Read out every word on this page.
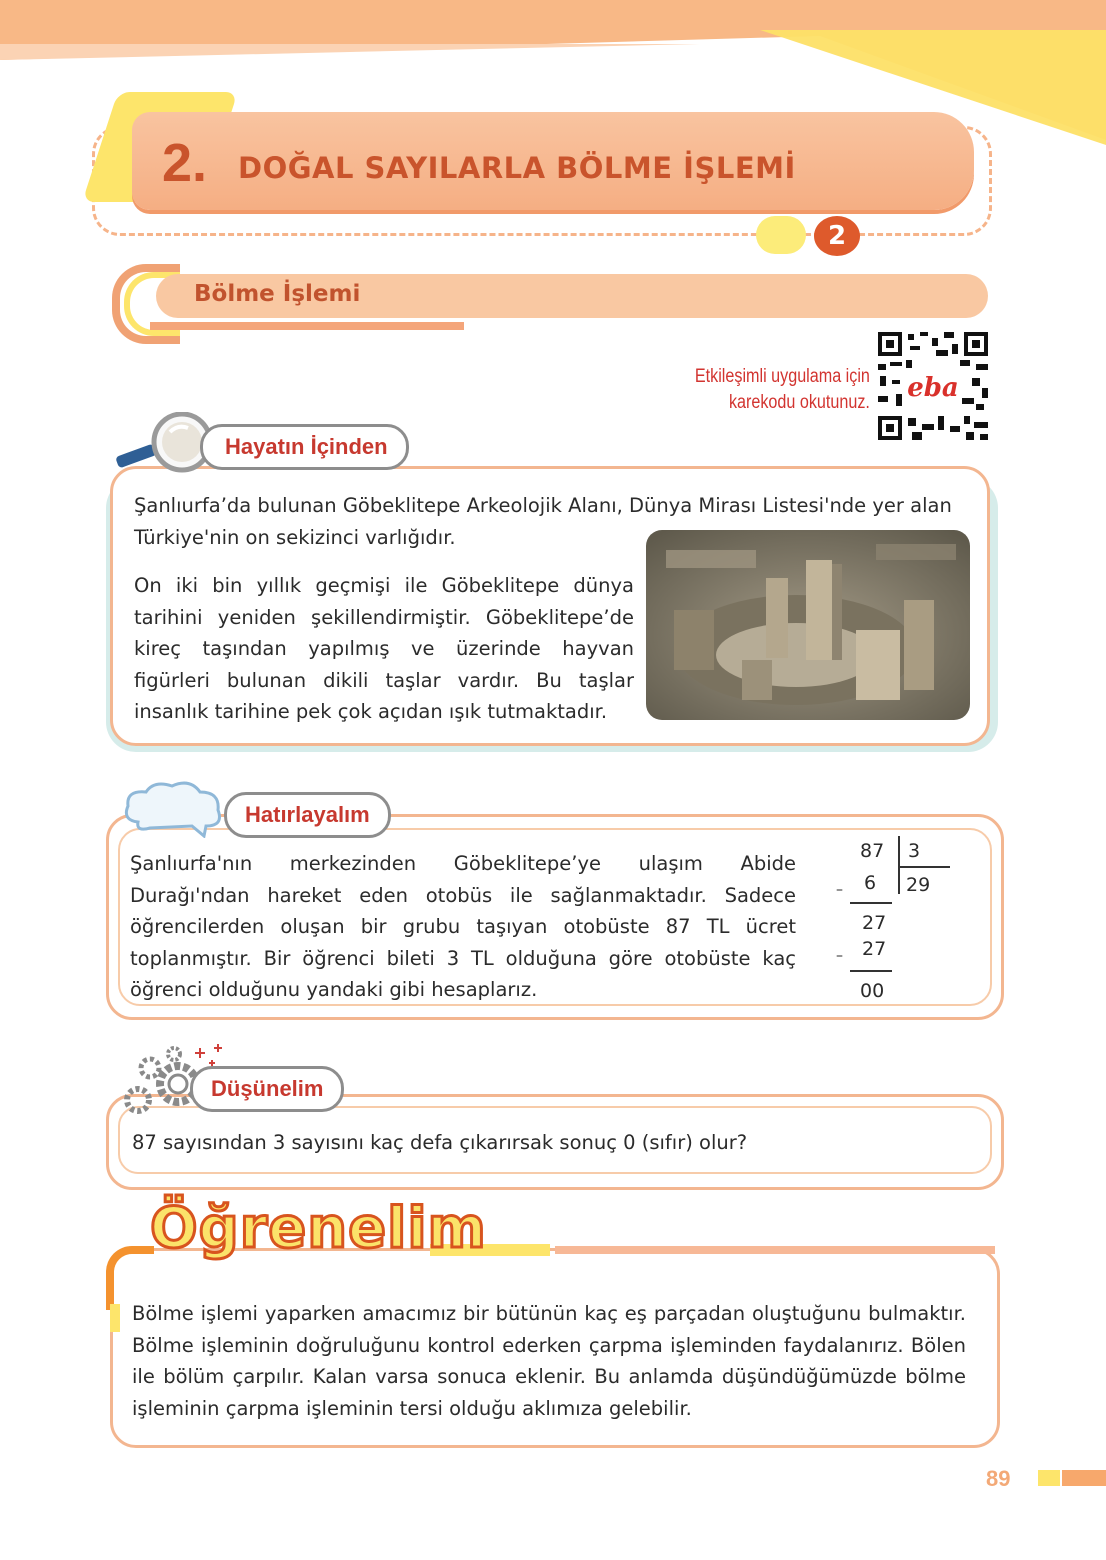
2. DOĞAL SAYILARLA BÖLME İŞLEMİ
2
Bölme İşlemi
Etkileşimli uygulama için
karekodu okutunuz. eba
Hayatın İçinden
Şanlıurfa’da bulunan Göbeklitepe Arkeolojik Alanı, Dünya Mirası Listesi'nde yer alan Türkiye'nin on sekizinci varlığıdır.
On iki bin yıllık geçmişi ile Göbeklitepe dünya tarihini yeniden şekillendirmiştir. Göbeklitepe’de kireç taşından yapılmış ve üzerinde hayvan figürleri bulunan dikili taşlar vardır. Bu taşlar insanlık tarihine pek çok açıdan ışık tutmaktadır.
Hatırlayalım
Şanlıurfa'nın merkezinden Göbeklitepe’ye ulaşım Abide Durağı'ndan hareket eden otobüs ile sağlanmaktadır. Sadece öğrencilerden oluşan bir grubu taşıyan otobüste 87 TL ücret toplanmıştır. Bir öğrenci bileti 3 TL olduğuna göre otobüste kaç öğrenci olduğunu yandaki gibi hesaplarız.
87 3
29
6
–
27
27
–
00
Düşünelim
87 sayısından 3 sayısını kaç defa çıkarırsak sonuç 0 (sıfır) olur?
Öğrenelim
Bölme işlemi yaparken amacımız bir bütünün kaç eş parçadan oluştuğunu bulmaktır. Bölme işleminin doğruluğunu kontrol ederken çarpma işleminden faydalanırız. Bölen ile bölüm çarpılır. Kalan varsa sonuca eklenir. Bu anlamda düşündüğümüzde bölme işleminin çarpma işleminin tersi olduğu aklımıza gelebilir.
89
